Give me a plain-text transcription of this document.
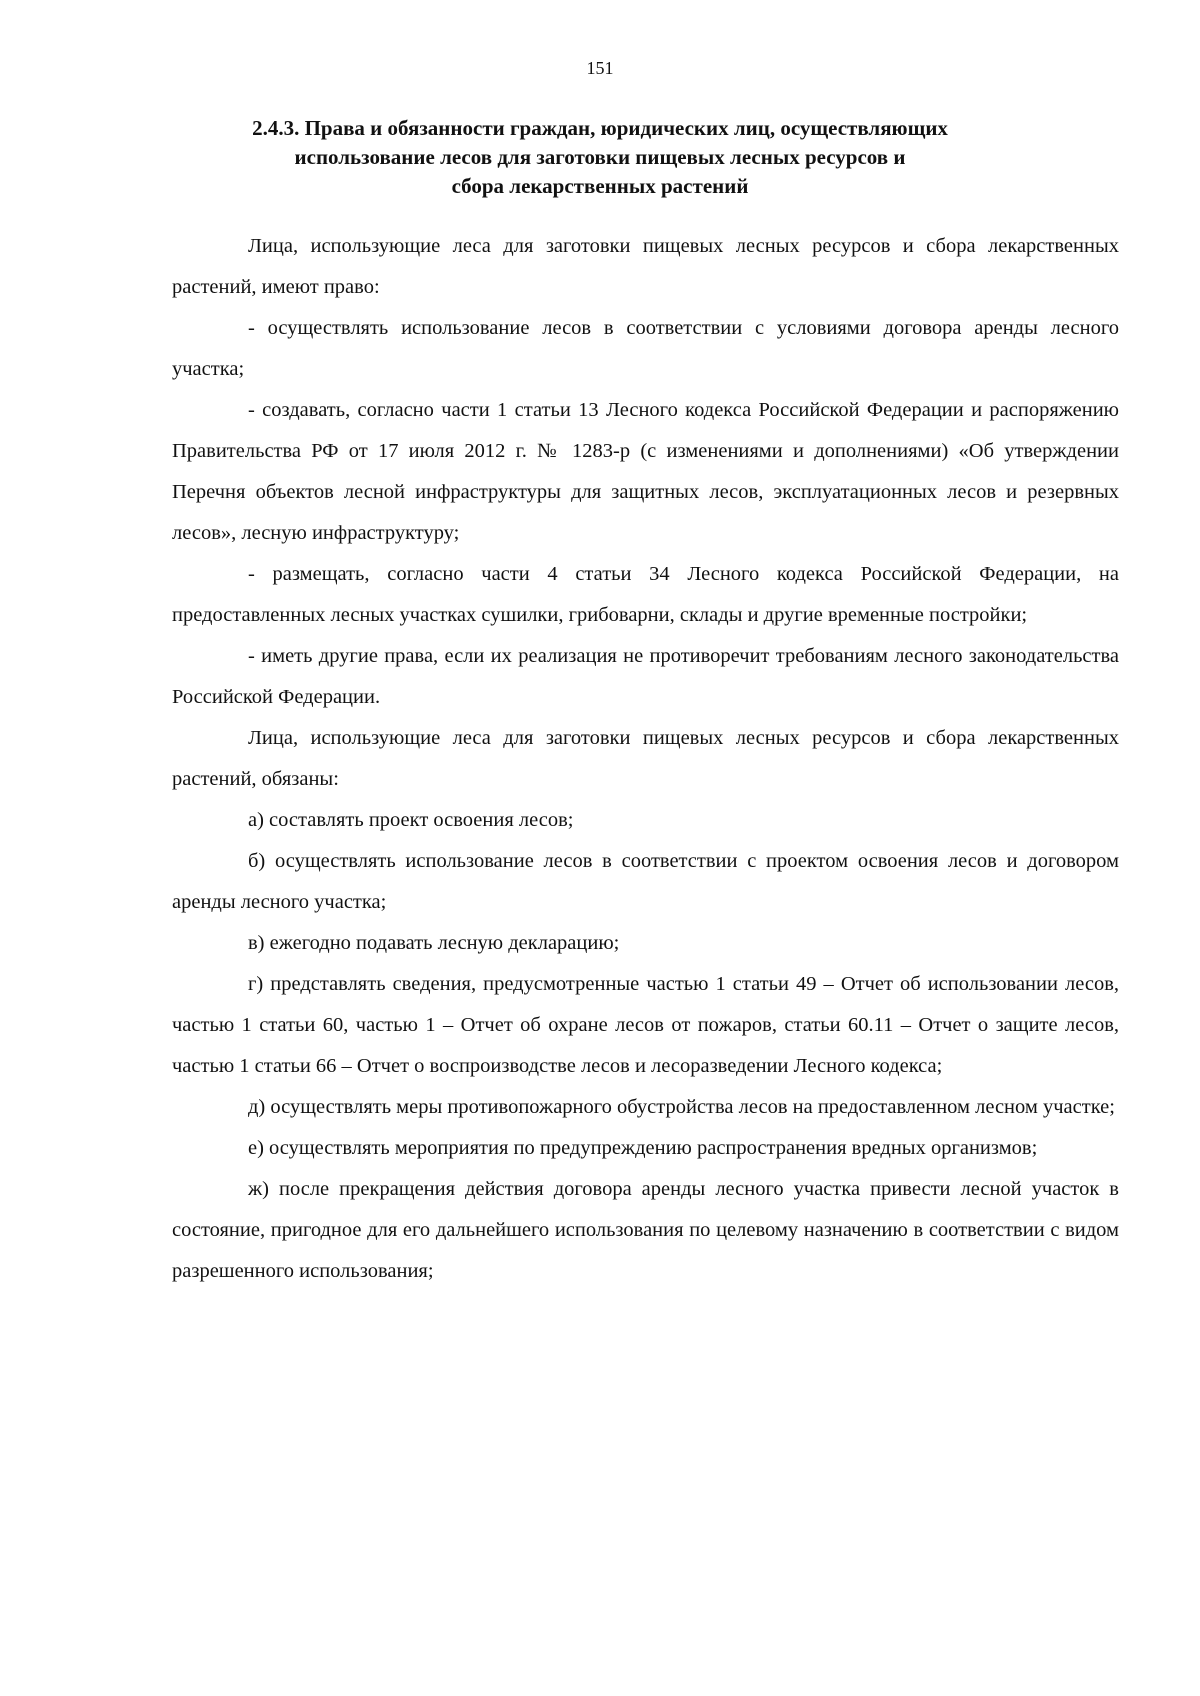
151
2.4.3. Права и обязанности граждан, юридических лиц, осуществляющих
использование лесов для заготовки пищевых лесных ресурсов и
сбора лекарственных растений

Лица, использующие леса для заготовки пищевых лесных ресурсов и сбора лекарственных растений, имеют право:

- осуществлять использование лесов в соответствии с условиями договора аренды лесного участка;

- создавать, согласно части 1 статьи 13 Лесного кодекса Российской Федерации и распоряжению Правительства РФ от 17 июля 2012 г. № 1283-р (с изменениями и дополнениями) «Об утверждении Перечня объектов лесной инфраструктуры для защитных лесов, эксплуатационных лесов и резервных лесов», лесную инфраструктуру;

- размещать, согласно части 4 статьи 34 Лесного кодекса Российской Федерации, на предоставленных лесных участках сушилки, грибоварни, склады и другие временные постройки;

- иметь другие права, если их реализация не противоречит требованиям лесного законодательства Российской Федерации.

Лица, использующие леса для заготовки пищевых лесных ресурсов и сбора лекарственных растений, обязаны:

а) составлять проект освоения лесов;

б) осуществлять использование лесов в соответствии с проектом освоения лесов и договором аренды лесного участка;

в) ежегодно подавать лесную декларацию;

г) представлять сведения, предусмотренные частью 1 статьи 49 – Отчет об использовании лесов, частью 1 статьи 60, частью 1 – Отчет об охране лесов от пожаров, статьи 60.11 – Отчет о защите лесов, частью 1 статьи 66 – Отчет о воспроизводстве лесов и лесоразведении Лесного кодекса;

д) осуществлять меры противопожарного обустройства лесов на предоставленном лесном участке;

е) осуществлять мероприятия по предупреждению распространения вредных организмов;

ж) после прекращения действия договора аренды лесного участка привести лесной участок в состояние, пригодное для его дальнейшего использования по целевому назначению в соответствии с видом разрешенного использования;
